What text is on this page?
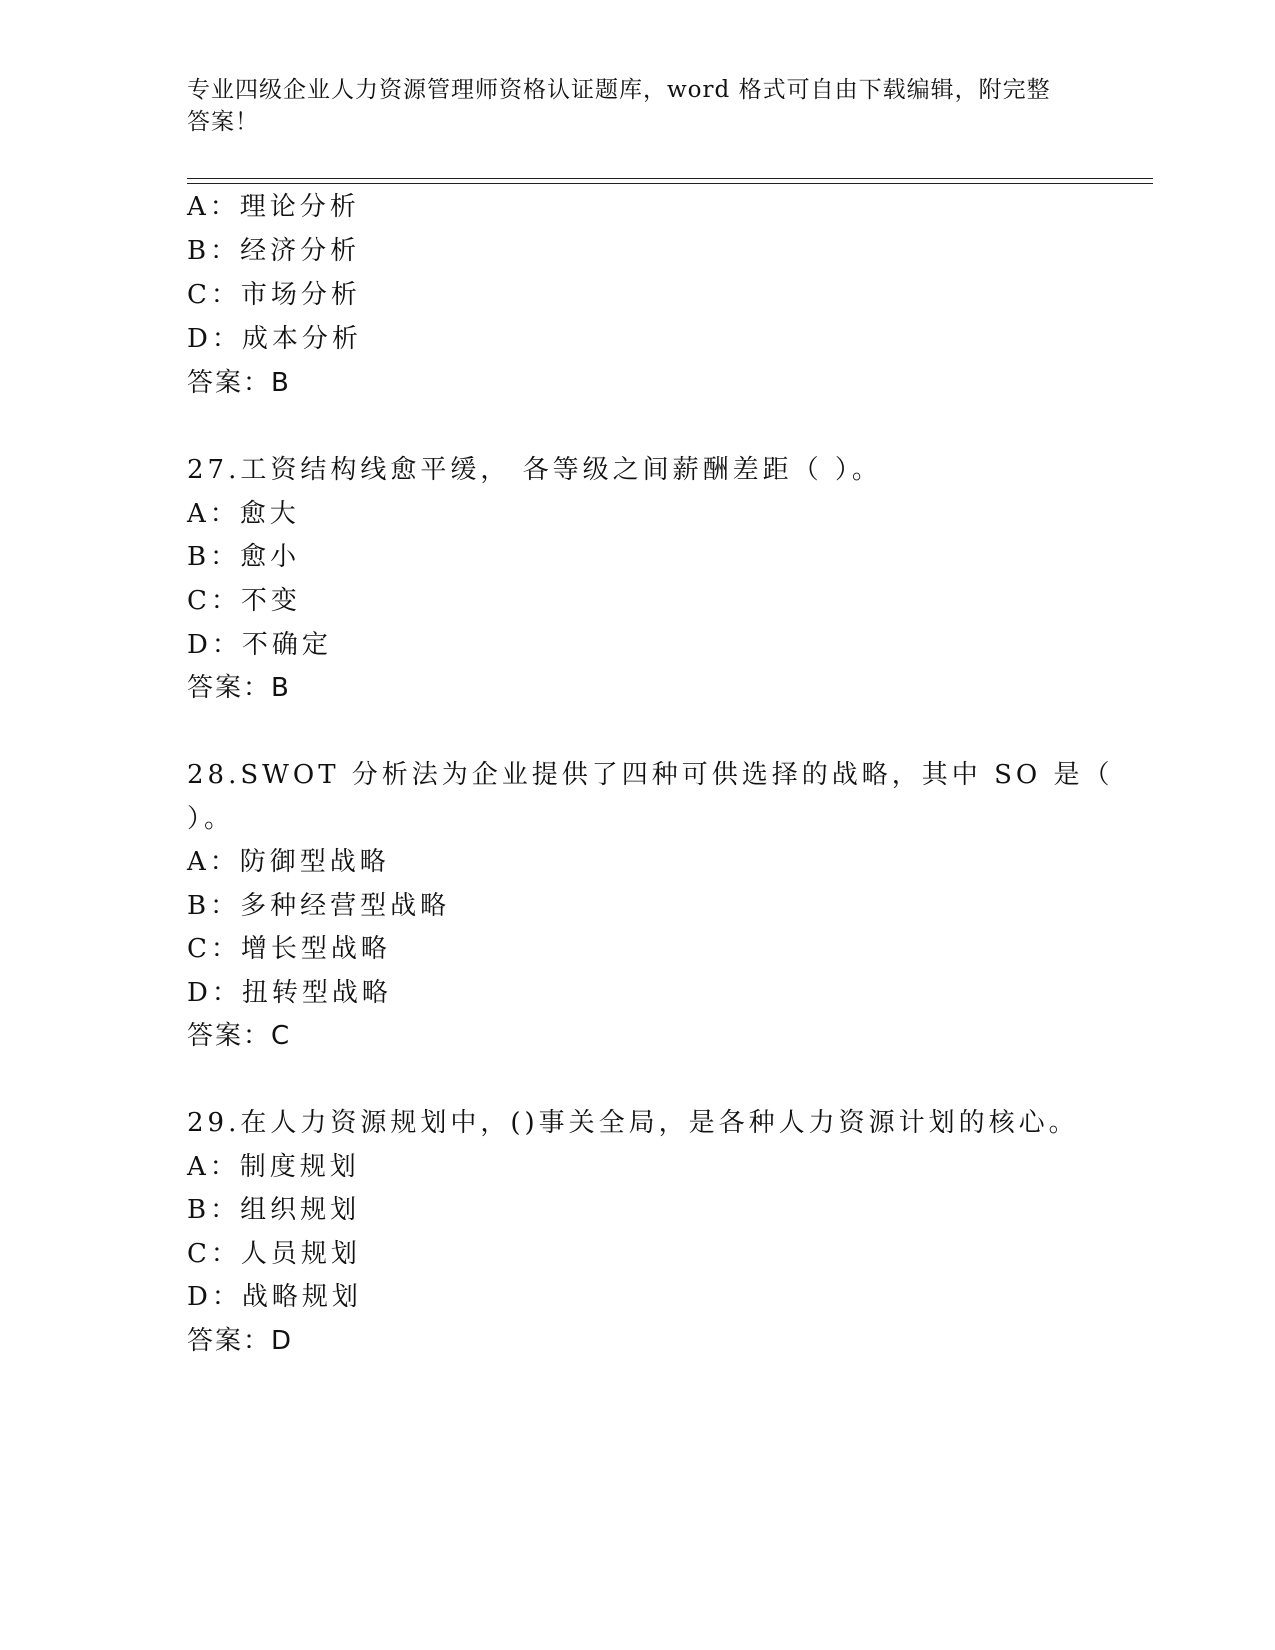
专业四级企业人力资源管理师资格认证题库，word 格式可自由下载编辑，附完整
答案！
A：理论分析
B：经济分析
C：市场分析
D：成本分析
答案：B
27.工资结构线愈平缓， 各等级之间薪酬差距（ ）。
A：愈大
B：愈小
C：不变
D：不确定
答案：B
28.SWOT 分析法为企业提供了四种可供选择的战略，其中 SO 是（
）。
A：防御型战略
B：多种经营型战略
C：增长型战略
D：扭转型战略
答案：C
29.在人力资源规划中，()事关全局，是各种人力资源计划的核心。
A：制度规划
B：组织规划
C：人员规划
D：战略规划
答案：D
